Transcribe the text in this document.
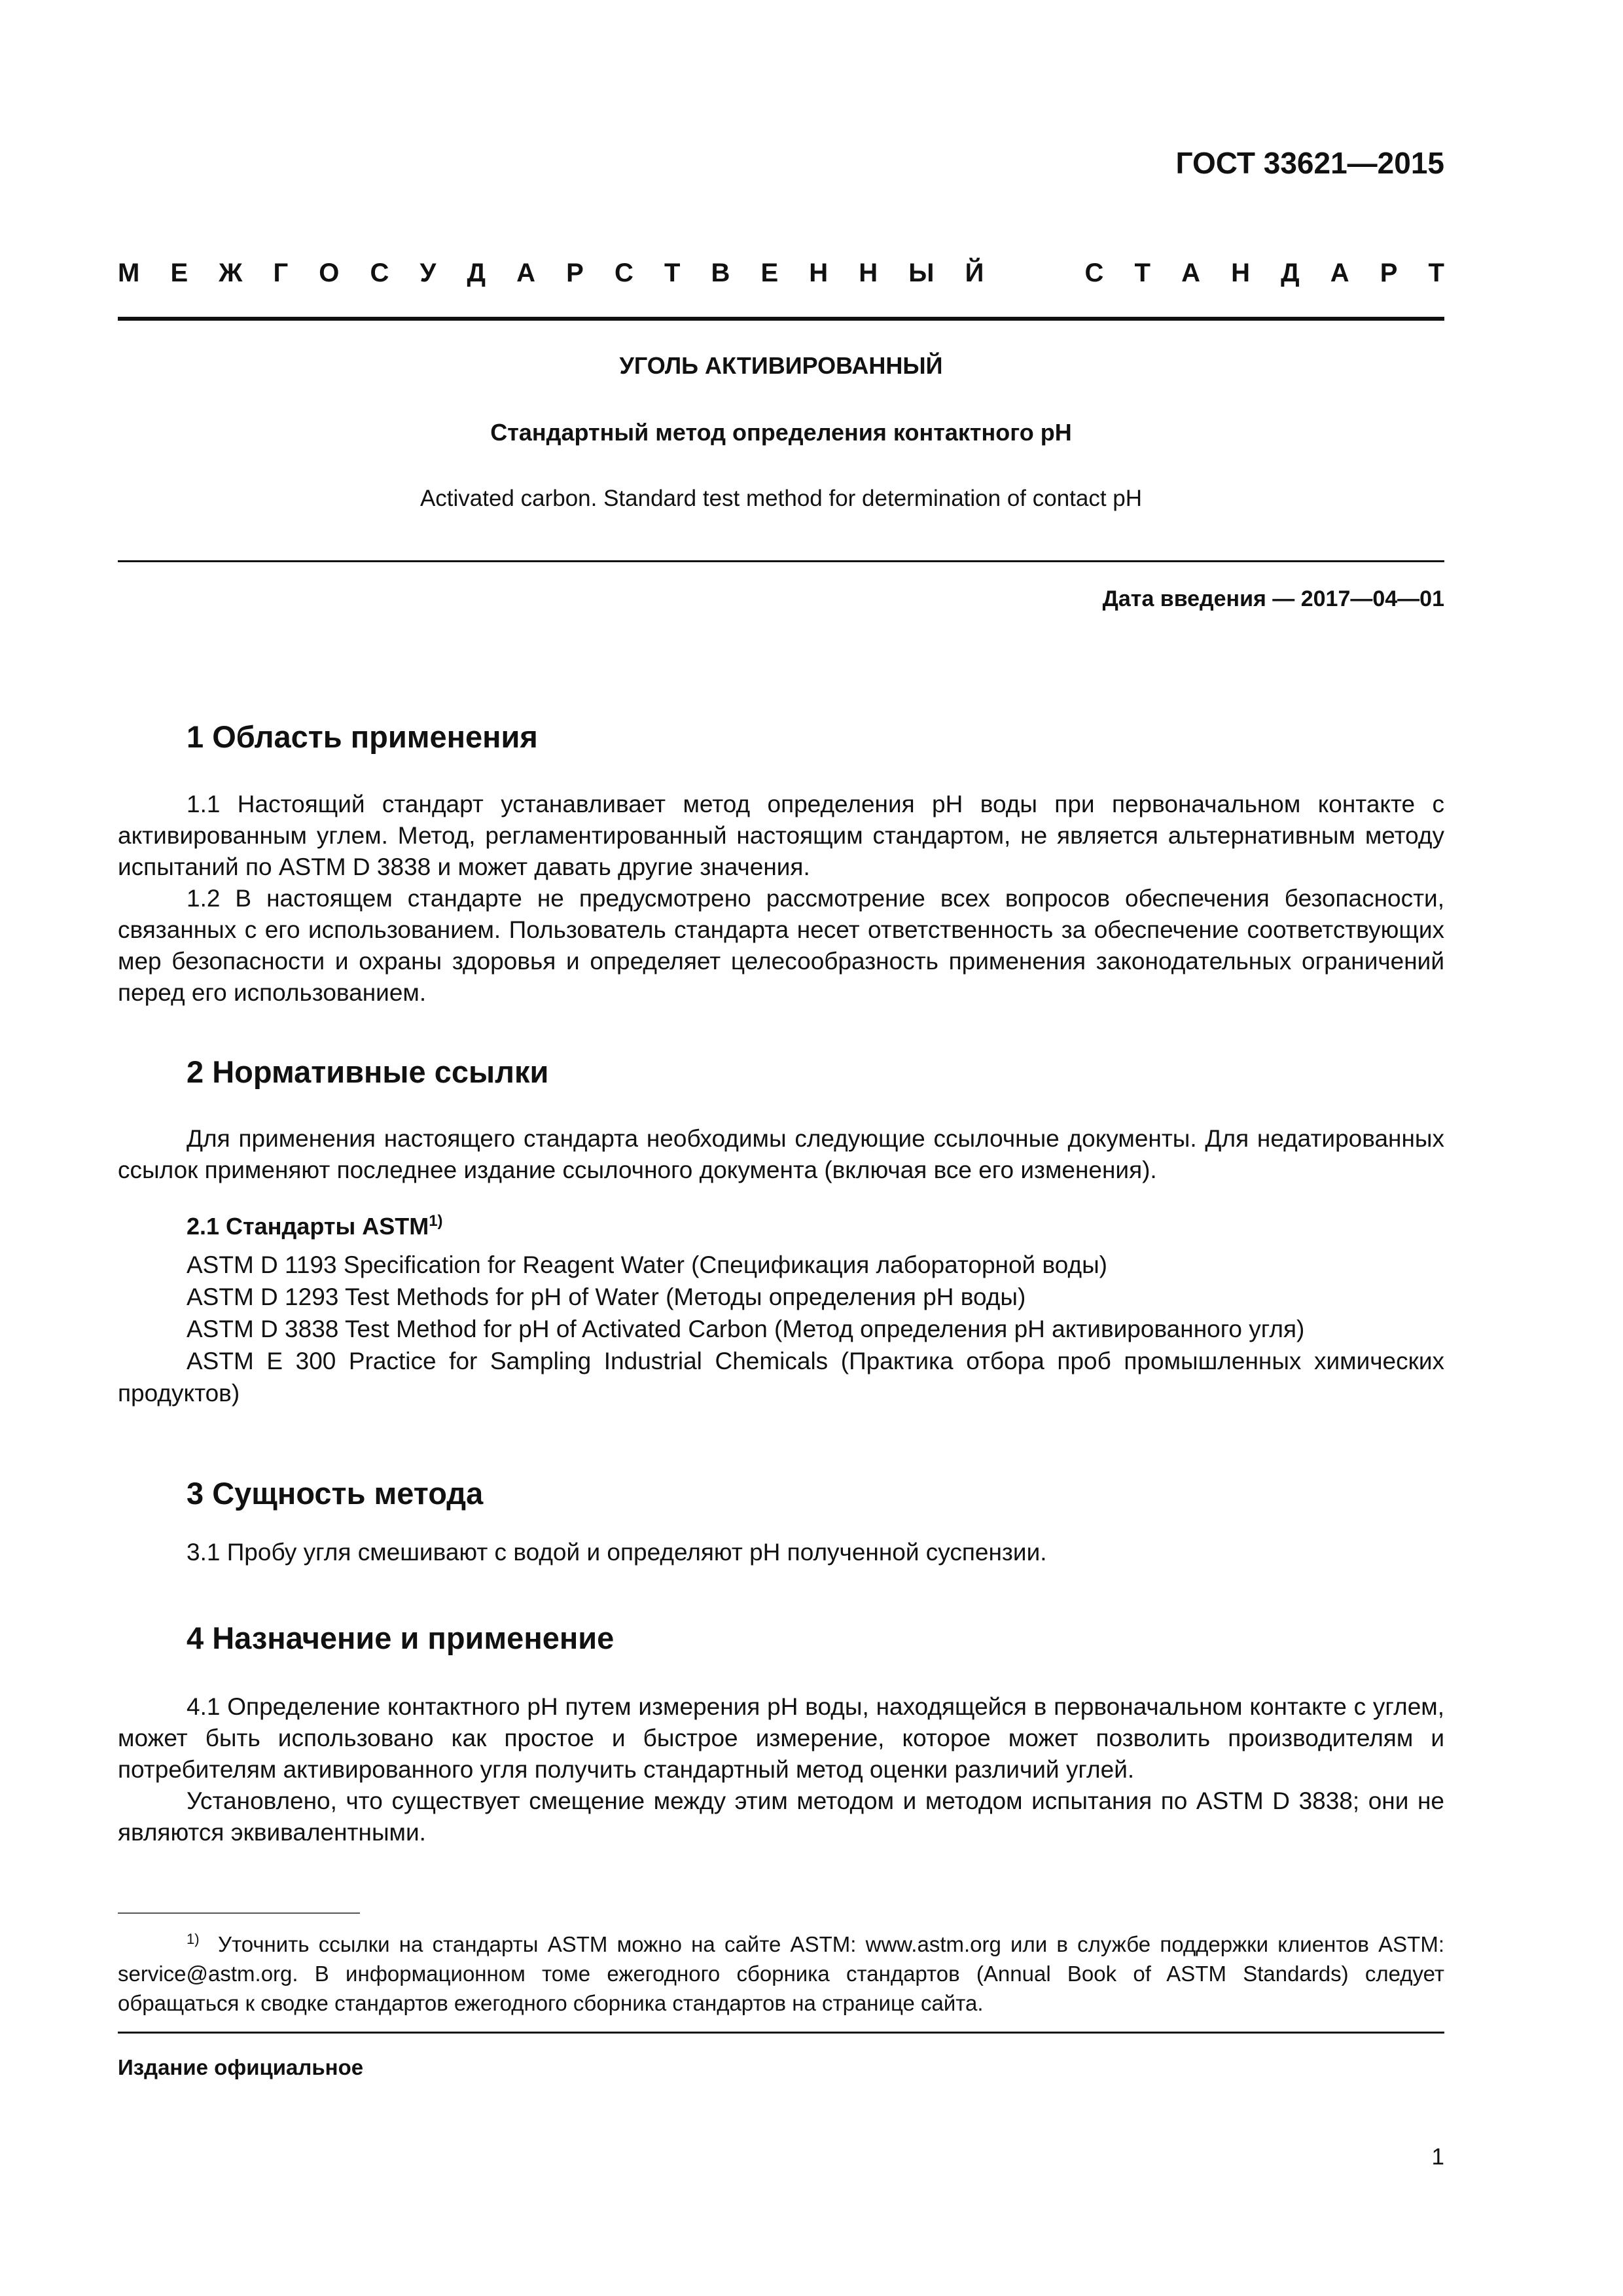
ГОСТ 33621—2015
М Е Ж Г О С У Д А Р С Т В Е Н Н Ы Й	С Т А Н Д А Р Т
УГОЛЬ АКТИВИРОВАННЫЙ
Стандартный метод определения контактного pH
Activated carbon. Standard test method for determination of contact pH
Дата введения — 2017—04—01
1 Область применения

1.1 Настоящий стандарт устанавливает метод определения pH воды при первоначальном контакте с активированным углем. Метод, регламентированный настоящим стандартом, не является альтернативным методу испытаний по ASTM D 3838 и может давать другие значения.

1.2 В настоящем стандарте не предусмотрено рассмотрение всех вопросов обеспечения безопасности, связанных с его использованием. Пользователь стандарта несет ответственность за обеспечение соответствующих мер безопасности и охраны здоровья и определяет целесообразность применения законодательных ограничений перед его использованием.

2 Нормативные ссылки

Для применения настоящего стандарта необходимы следующие ссылочные документы. Для недатированных ссылок применяют последнее издание ссылочного документа (включая все его изменения).

2.1 Стандарты ASTM$^{1)}$

ASTM D 1193 Specification for Reagent Water (Спецификация лабораторной воды)

ASTM D 1293 Test Methods for pH of Water (Методы определения pH воды)

ASTM D 3838 Test Method for pH of Activated Carbon (Метод определения pH активированного угля)

ASTM E 300 Practice for Sampling Industrial Chemicals (Практика отбора проб промышленных химических продуктов)

3 Сущность метода

3.1 Пробу угля смешивают с водой и определяют pH полученной суспензии.

4 Назначение и применение

4.1 Определение контактного pH путем измерения pH воды, находящейся в первоначальном контакте с углем, может быть использовано как простое и быстрое измерение, которое может позволить производителям и потребителям активированного угля получить стандартный метод оценки различий углей.

Установлено, что существует смещение между этим методом и методом испытания по ASTM D 3838; они не являются эквивалентными.

$^{1)}$ Уточнить ссылки на стандарты ASTM можно на сайте ASTM: www.astm.org или в службе поддержки клиентов ASTM: service@astm.org. В информационном томе ежегодного сборника стандартов (Annual Book of ASTM Standards) следует обращаться к сводке стандартов ежегодного сборника стандартов на странице сайта.

Издание официальное
1
